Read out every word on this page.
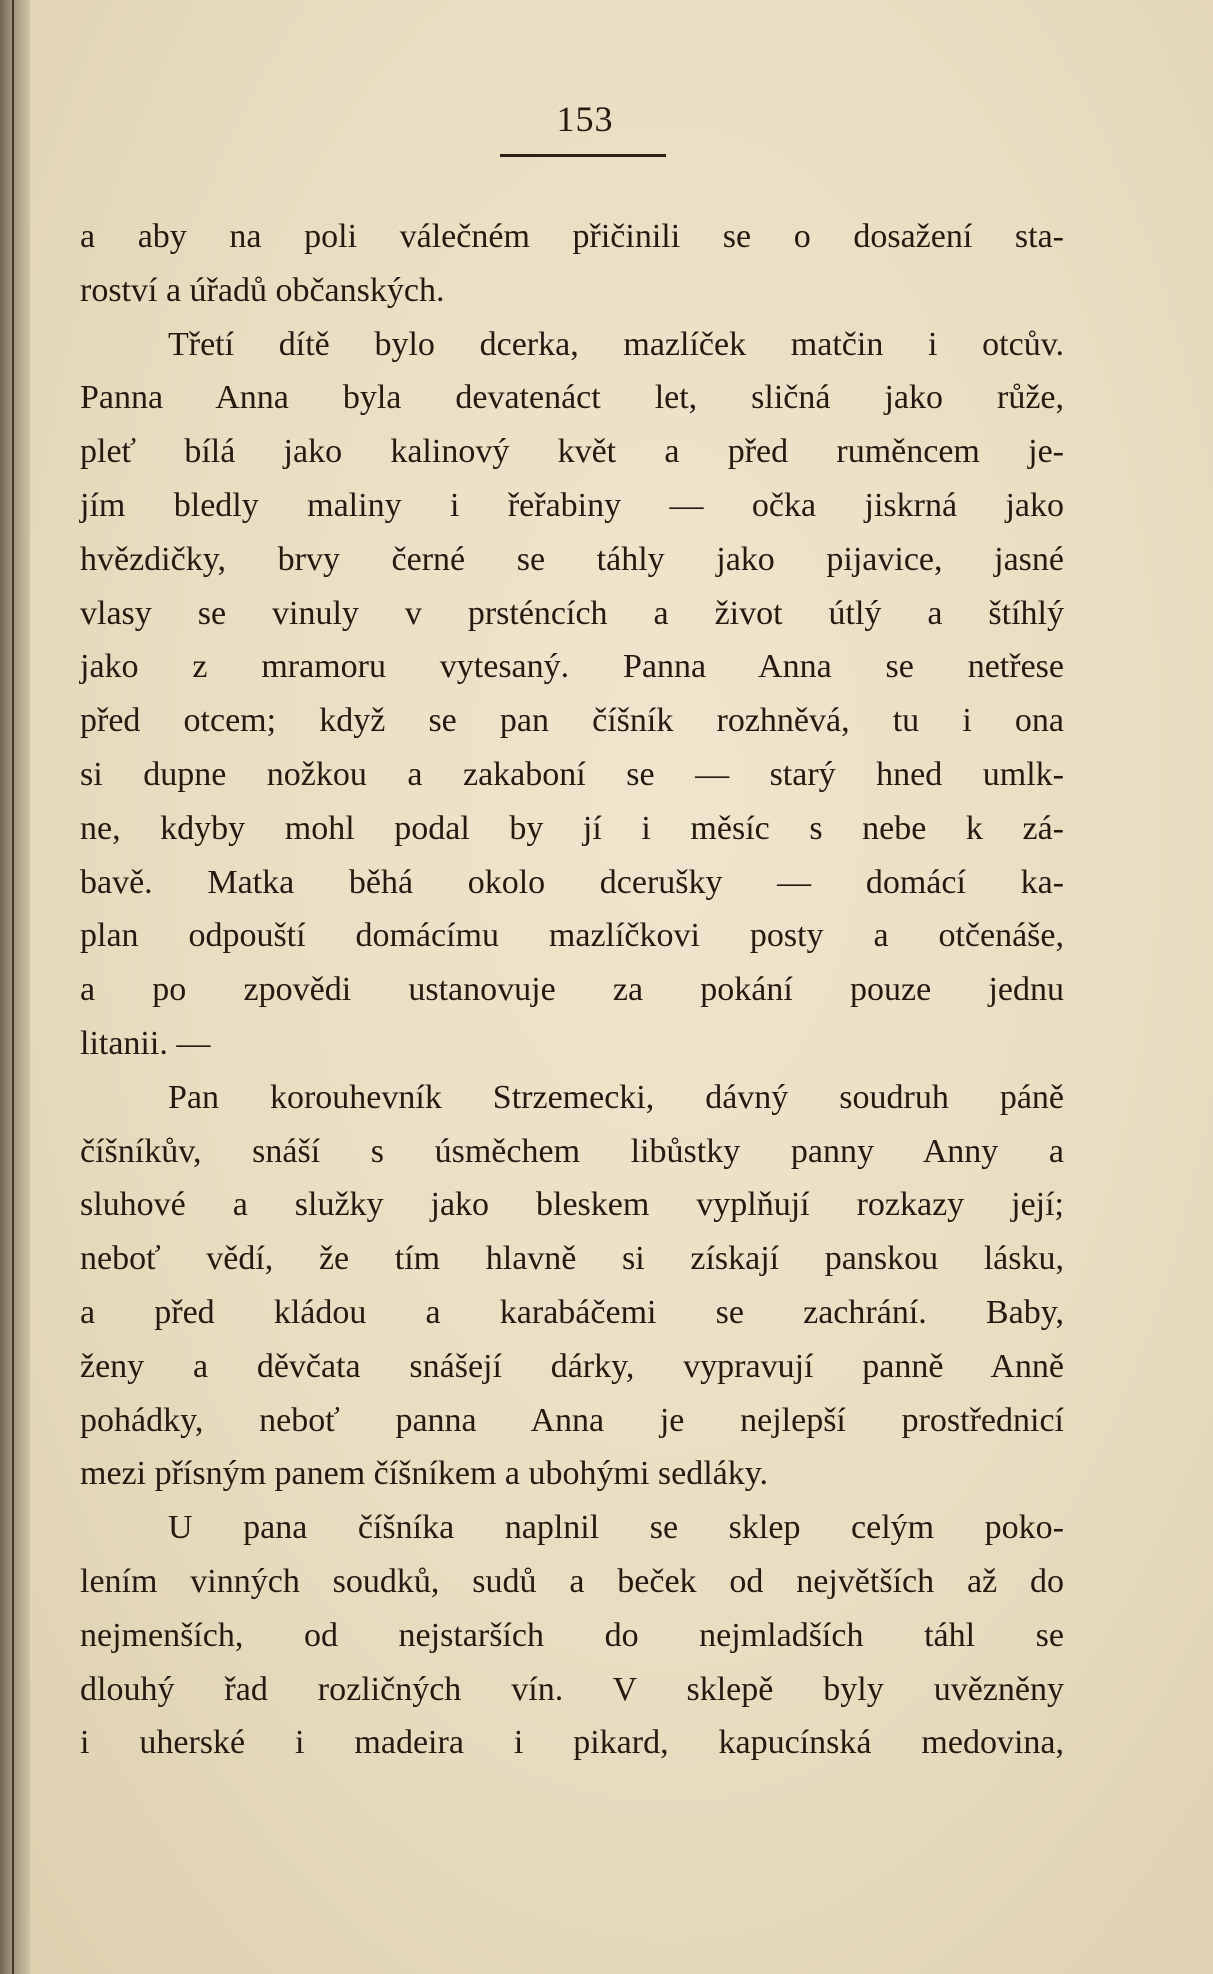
153
a aby na poli válečném přičinili se o dosažení sta-
roství a úřadů občanských.
Třetí dítě bylo dcerka, mazlíček matčin i otcův.
Panna Anna byla devatenáct let, sličná jako růže,
pleť bílá jako kalinový květ a před ruměncem je-
jím bledly maliny i řeřabiny — očka jiskrná jako
hvězdičky, brvy černé se táhly jako pijavice, jasné
vlasy se vinuly v prsténcích a život útlý a štíhlý
jako z mramoru vytesaný. Panna Anna se netřese
před otcem; když se pan číšník rozhněvá, tu i ona
si dupne nožkou a zakaboní se — starý hned umlk-
ne, kdyby mohl podal by jí i měsíc s nebe k zá-
bavě. Matka běhá okolo dcerušky — domácí ka-
plan odpouští domácímu mazlíčkovi posty a otčenáše,
a po zpovědi ustanovuje za pokání pouze jednu
litanii. —
Pan korouhevník Strzemecki, dávný soudruh páně
číšníkův, snáší s úsměchem libůstky panny Anny a
sluhové a služky jako bleskem vyplňují rozkazy její;
neboť vědí, že tím hlavně si získají panskou lásku,
a před kládou a karabáčemi se zachrání. Baby,
ženy a děvčata snášejí dárky, vypravují panně Anně
pohádky, neboť panna Anna je nejlepší prostřednicí
mezi přísným panem číšníkem a ubohými sedláky.
U pana číšníka naplnil se sklep celým poko-
lením vinných soudků, sudů a beček od největších až do
nejmenších, od nejstarších do nejmladších táhl se
dlouhý řad rozličných vín. V sklepě byly uvězněny
i uherské i madeira i pikard, kapucínská medovina,
